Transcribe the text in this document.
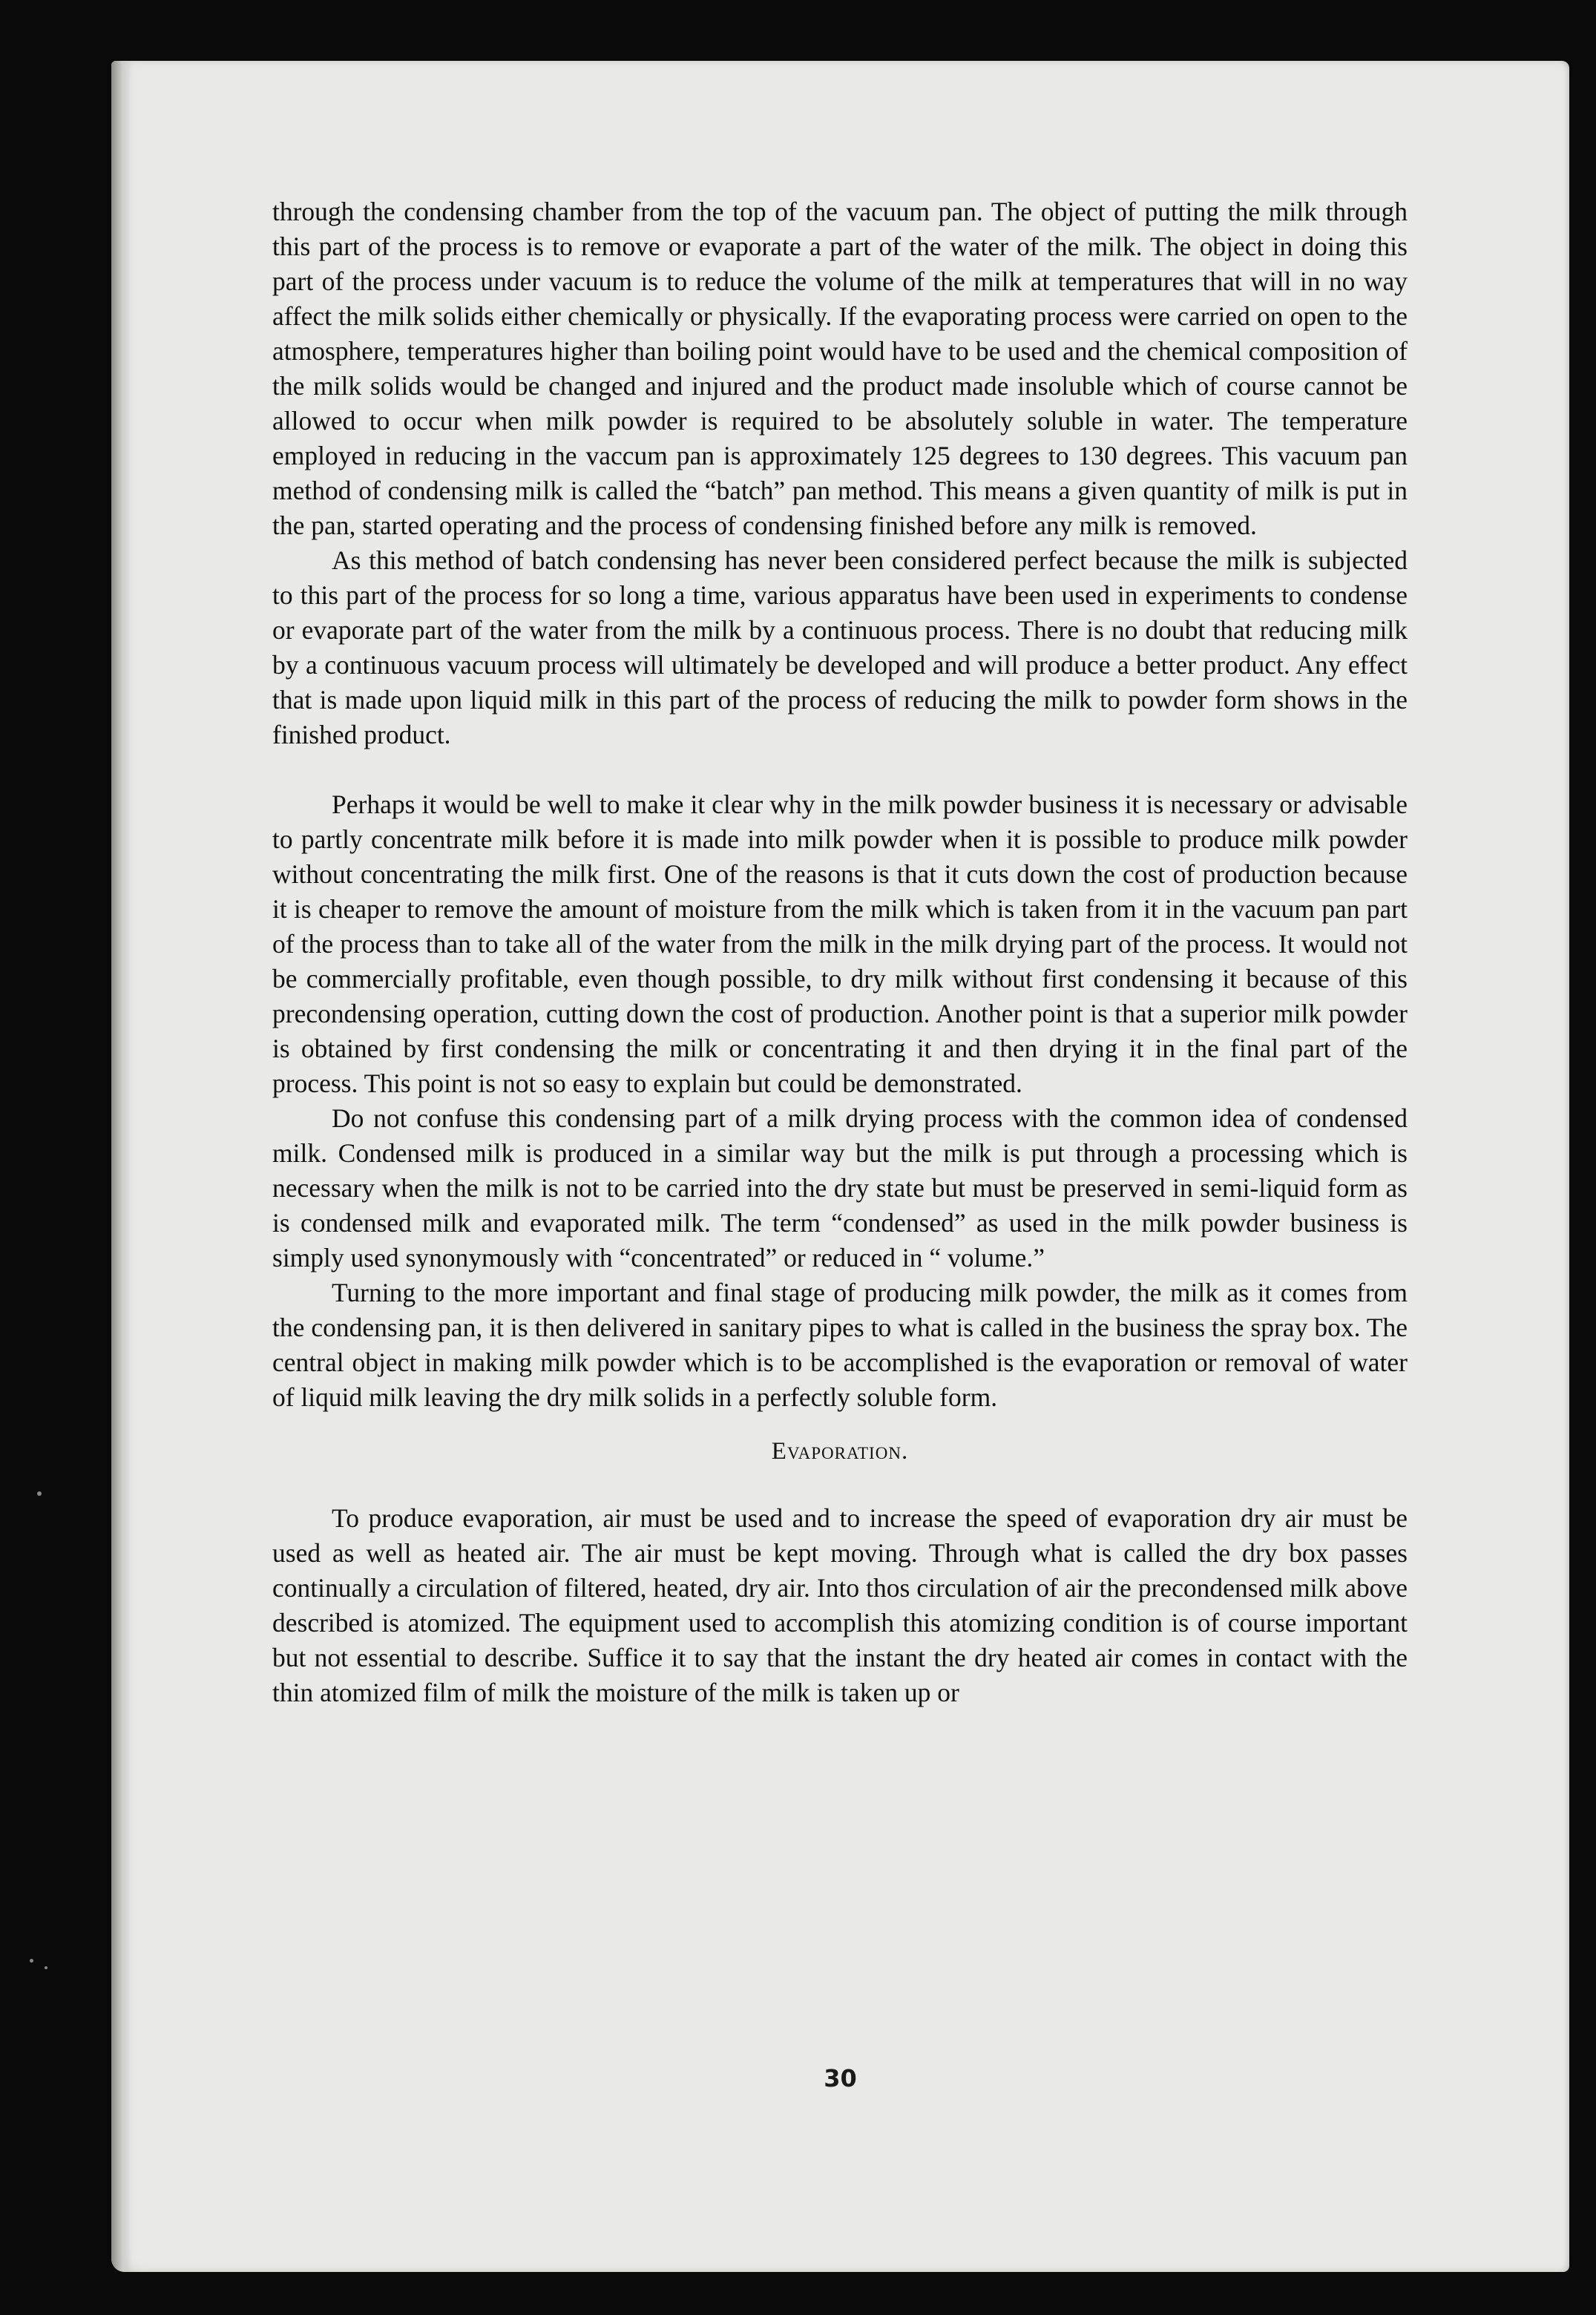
through the condensing chamber from the top of the vacuum pan. The object of putting the milk through this part of the process is to remove or evaporate a part of the water of the milk. The object in doing this part of the process under vacuum is to reduce the volume of the milk at temperatures that will in no way affect the milk solids either chemically or physically. If the evaporating process were carried on open to the atmosphere, temperatures higher than boiling point would have to be used and the chemical composition of the milk solids would be changed and injured and the product made insoluble which of course cannot be allowed to occur when milk powder is required to be absolutely soluble in water. The temperature employed in reducing in the vaccum pan is approximately 125 degrees to 130 degrees. This vacuum pan method of condensing milk is called the “batch” pan method. This means a given quantity of milk is put in the pan, started operating and the process of condensing finished before any milk is removed.

As this method of batch condensing has never been considered perfect because the milk is subjected to this part of the process for so long a time, various apparatus have been used in experiments to condense or evaporate part of the water from the milk by a continuous process. There is no doubt that reducing milk by a continuous vacuum process will ultimately be developed and will produce a better product. Any effect that is made upon liquid milk in this part of the process of reducing the milk to powder form shows in the finished product.

Perhaps it would be well to make it clear why in the milk powder business it is necessary or advisable to partly concentrate milk before it is made into milk powder when it is possible to produce milk powder without concentrating the milk first. One of the reasons is that it cuts down the cost of production because it is cheaper to remove the amount of moisture from the milk which is taken from it in the vacuum pan part of the process than to take all of the water from the milk in the milk drying part of the process. It would not be commercially profitable, even though possible, to dry milk without first condensing it because of this precondensing operation, cutting down the cost of production. Another point is that a superior milk powder is obtained by first condensing the milk or concentrating it and then drying it in the final part of the process. This point is not so easy to explain but could be demonstrated.

Do not confuse this condensing part of a milk drying process with the common idea of condensed milk. Condensed milk is produced in a similar way but the milk is put through a processing which is necessary when the milk is not to be carried into the dry state but must be preserved in semi-liquid form as is condensed milk and evaporated milk. The term “condensed” as used in the milk powder business is simply used synonymously with “concentrated” or reduced in “ volume.”

Turning to the more important and final stage of producing milk powder, the milk as it comes from the condensing pan, it is then delivered in sanitary pipes to what is called in the business the spray box. The central object in making milk powder which is to be accomplished is the evaporation or removal of water of liquid milk leaving the dry milk solids in a perfectly soluble form.

Evaporation.

To produce evaporation, air must be used and to increase the speed of evaporation dry air must be used as well as heated air. The air must be kept moving. Through what is called the dry box passes continually a circulation of filtered, heated, dry air. Into thos circulation of air the precondensed milk above described is atomized. The equipment used to accomplish this atomizing condition is of course important but not essential to describe. Suffice it to say that the instant the dry heated air comes in contact with the thin atomized film of milk the moisture of the milk is taken up or

30
